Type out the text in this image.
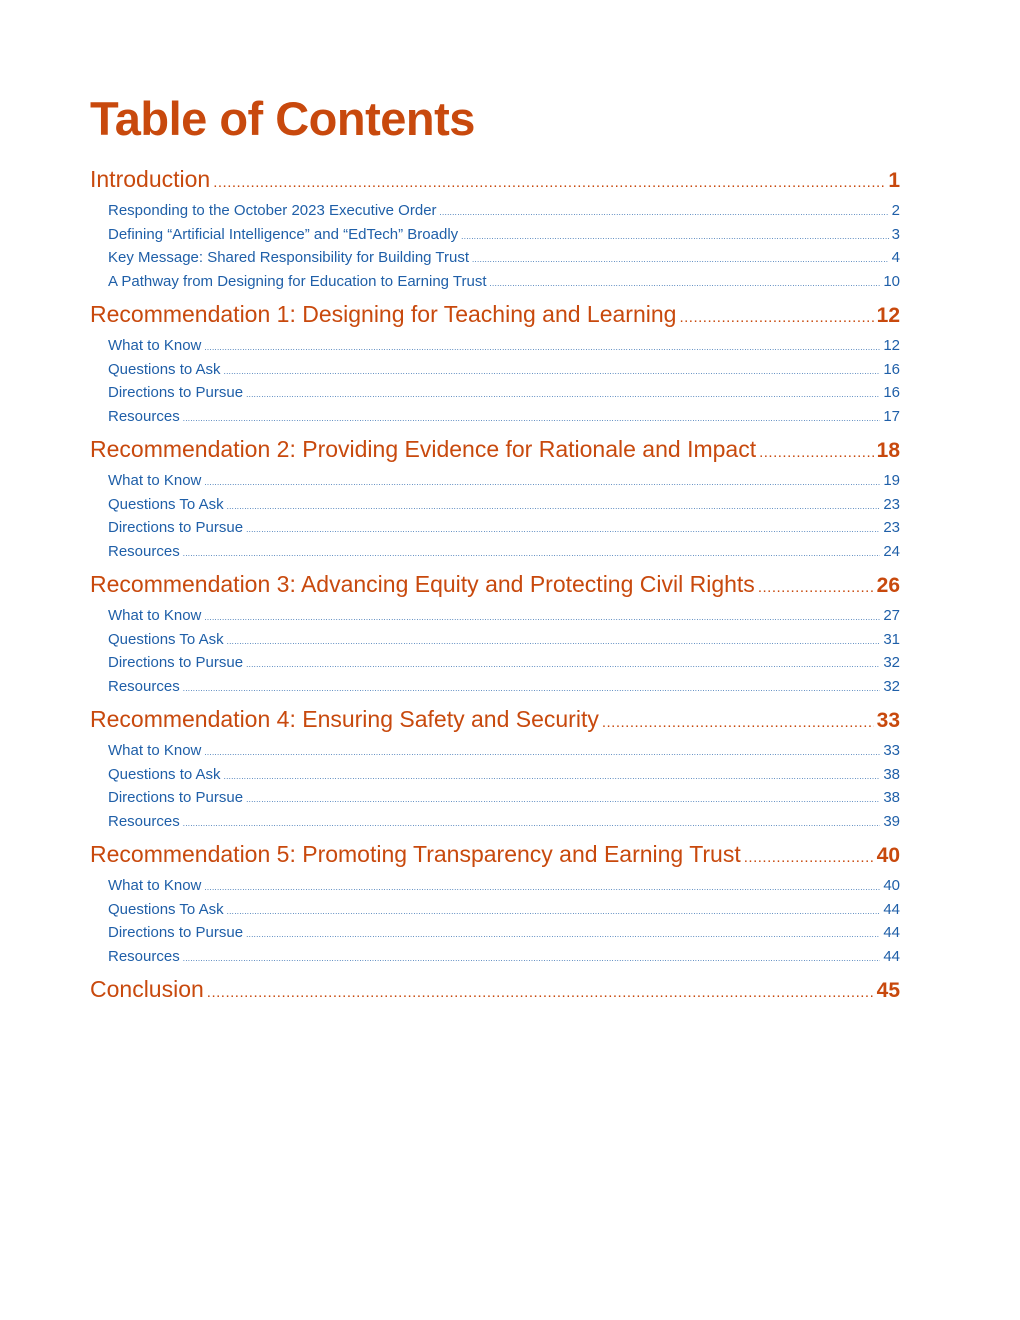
Table of Contents
Introduction .....	1
Responding to the October 2023 Executive Order .....	2
Defining “Artificial Intelligence” and “EdTech” Broadly .....	3
Key Message: Shared Responsibility for Building Trust .....	4
A Pathway from Designing for Education to Earning Trust .....	10
Recommendation 1: Designing for Teaching and Learning .....	12
What to Know .....	12
Questions to Ask .....	16
Directions to Pursue .....	16
Resources .....	17
Recommendation 2: Providing Evidence for Rationale and Impact .....	18
What to Know .....	19
Questions To Ask .....	23
Directions to Pursue .....	23
Resources .....	24
Recommendation 3: Advancing Equity and Protecting Civil Rights .....	26
What to Know .....	27
Questions To Ask .....	31
Directions to Pursue .....	32
Resources .....	32
Recommendation 4: Ensuring Safety and Security .....	33
What to Know .....	33
Questions to Ask .....	38
Directions to Pursue .....	38
Resources .....	39
Recommendation 5: Promoting Transparency and Earning Trust .....	40
What to Know .....	40
Questions To Ask .....	44
Directions to Pursue .....	44
Resources .....	44
Conclusion .....	45
